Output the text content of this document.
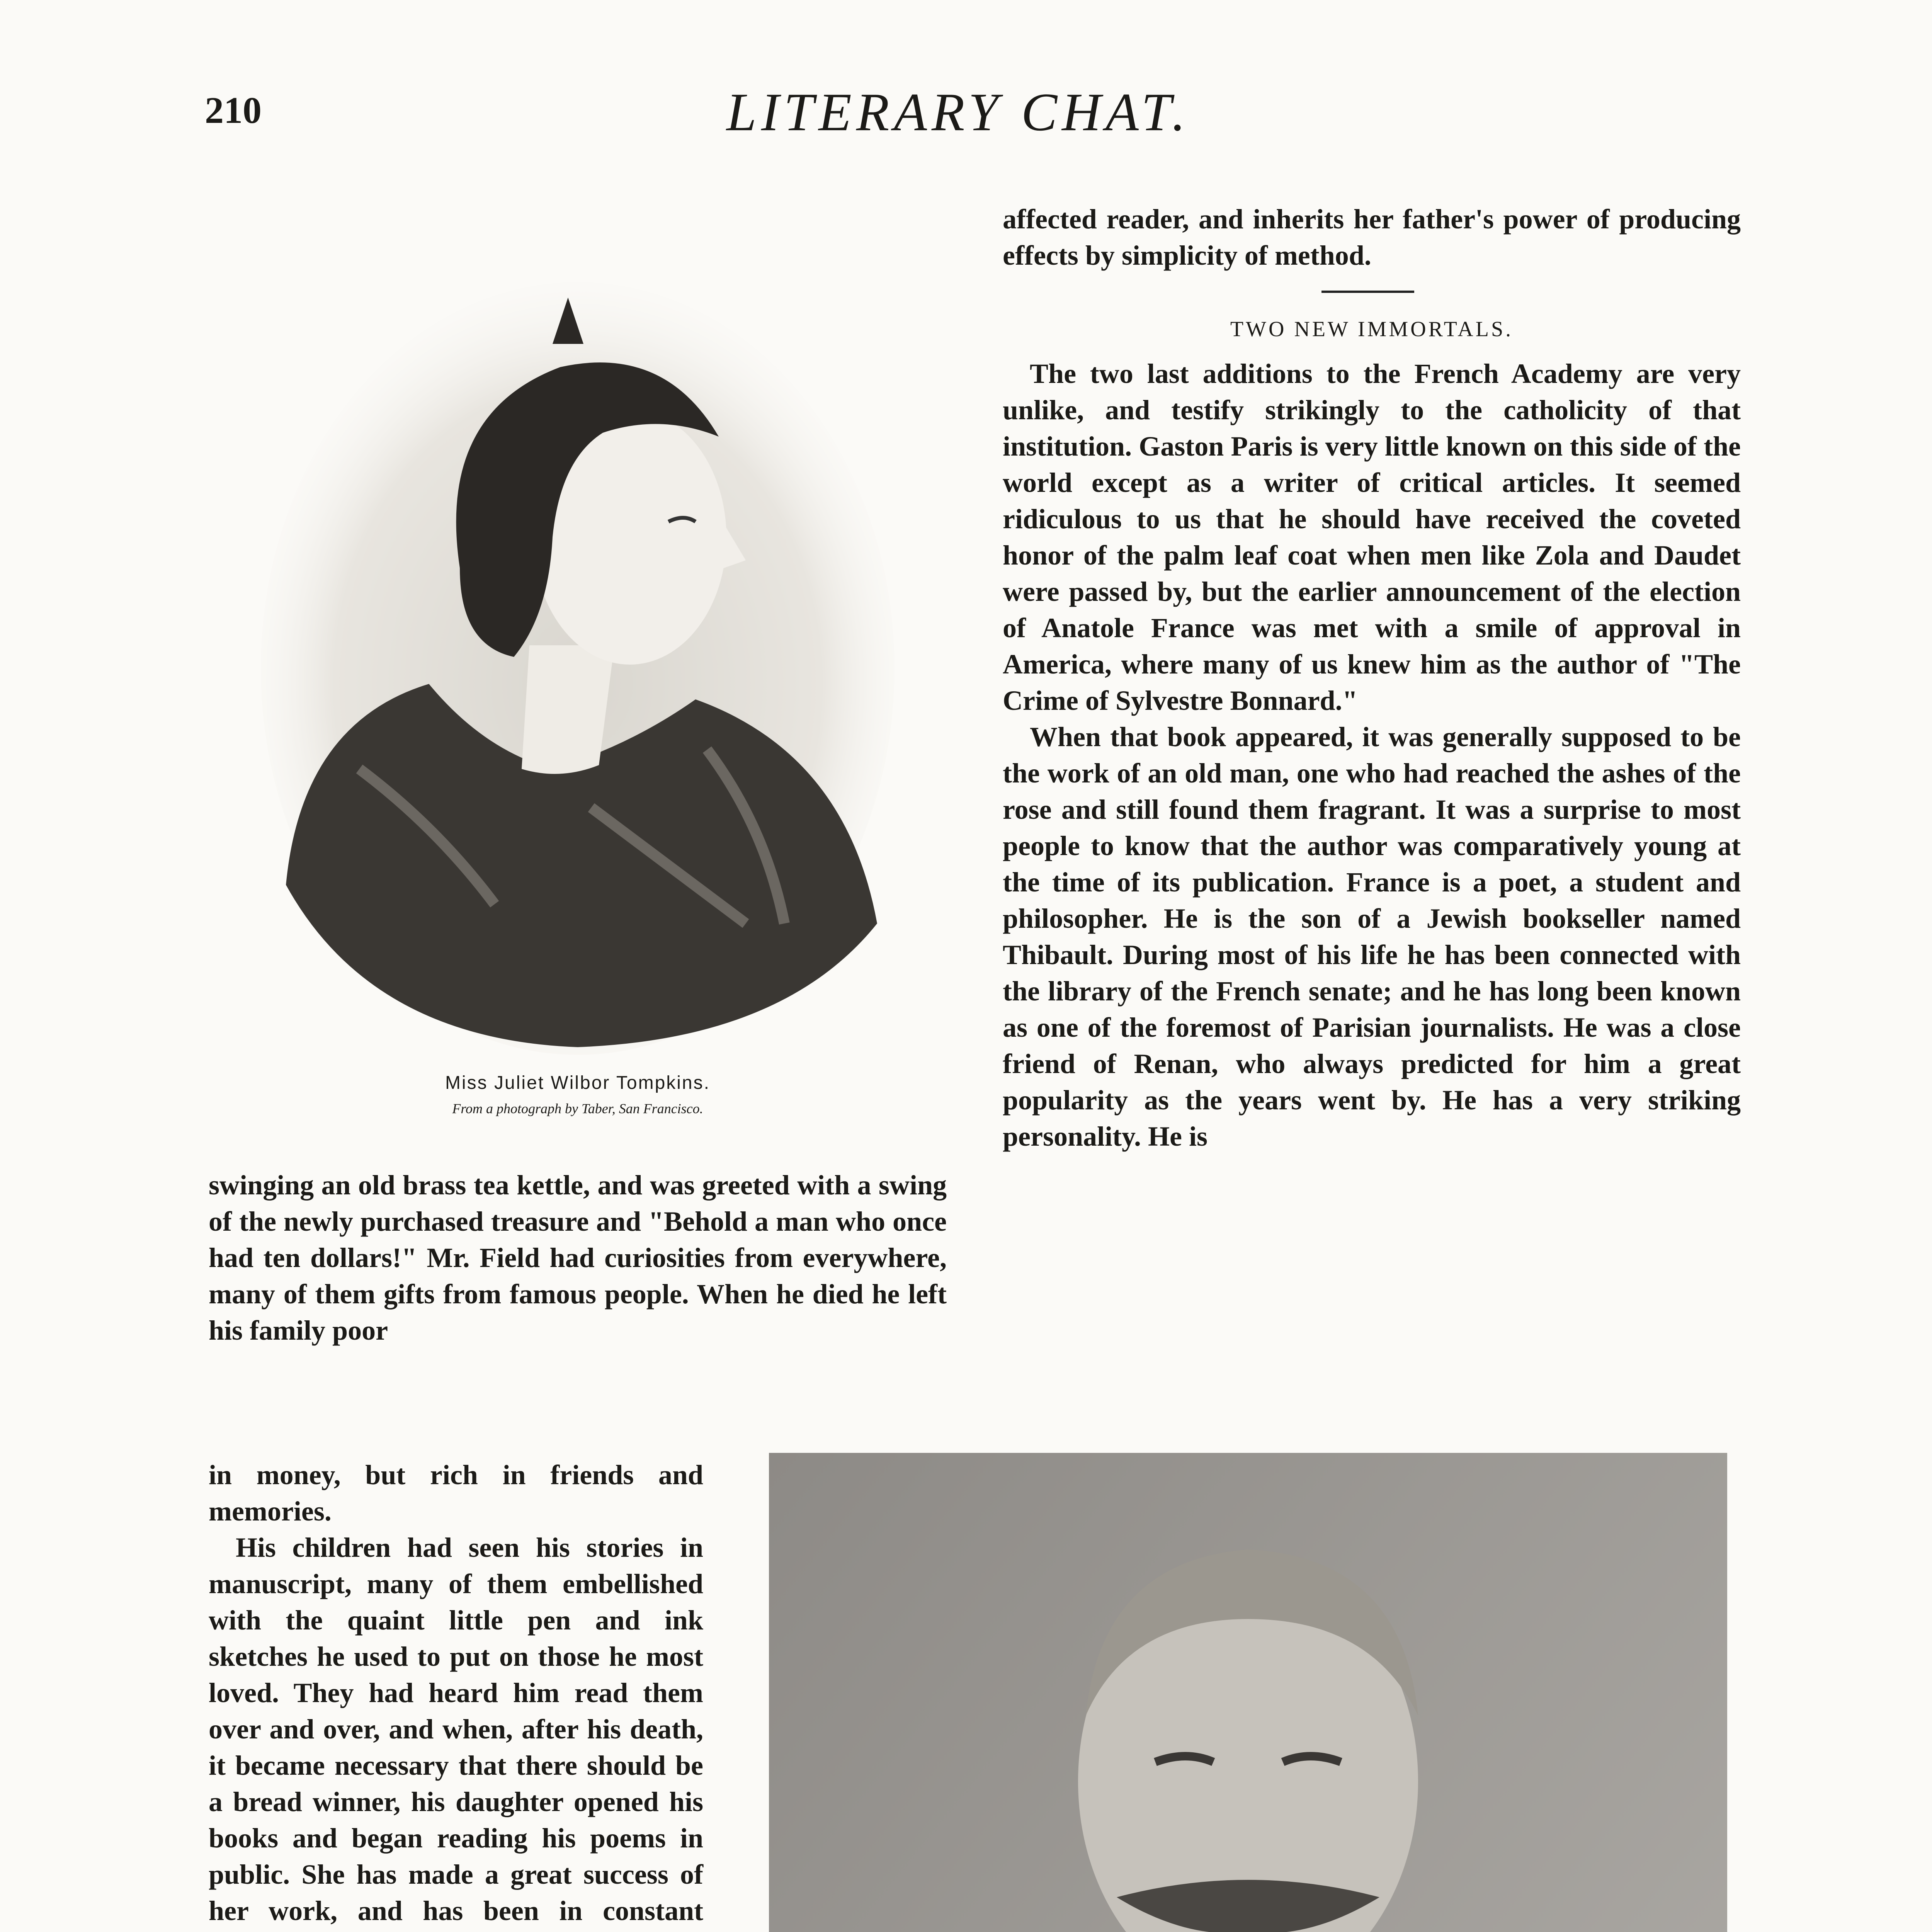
210	LITERARY CHAT.
affected reader, and inherits her father's power of producing effects by simplicity of method.
TWO NEW IMMORTALS.

The two last additions to the French Academy are very unlike, and testify strikingly to the catholicity of that institution. Gaston Paris is very little known on this side of the world except as a writer of critical articles. It seemed ridiculous to us that he should have received the coveted honor of the palm leaf coat when men like Zola and Daudet were passed by, but the earlier announcement of the election of Anatole France was met with a smile of approval in America, where many of us knew him as the author of "The Crime of Sylvestre Bonnard."

When that book appeared, it was generally supposed to be the work of an old man, one who had reached the ashes of the rose and still found them fragrant. It was a surprise to most people to know that the author was comparatively young at the time of its publication. France is a poet, a student and philosopher. He is the son of a Jewish bookseller named Thibault. During most of his life he has been connected with the library of the French senate; and he has long been known as one of the foremost of Parisian journalists. He was a close friend of Renan, who always predicted for him a great popularity as the years went by. He has a very striking personality. He is

Miss Juliet Wilbor Tompkins.
From a photograph by Taber, San Francisco.
swinging an old brass tea kettle, and was greeted with a swing of the newly purchased treasure and "Behold a man who once had ten dollars!" Mr. Field had curiosities from everywhere, many of them gifts from famous people. When he died he left his family poor

in money, but rich in friends and memories.

His children had seen his stories in manuscript, many of them embellished with the quaint little pen and ink sketches he used to put on those he most loved. They had heard him read them over and over, and when, after his death, it became necessary that there should be a bread winner, his daughter opened his books and began reading his poems in public. She has made a great success of her work, and has been in constant
